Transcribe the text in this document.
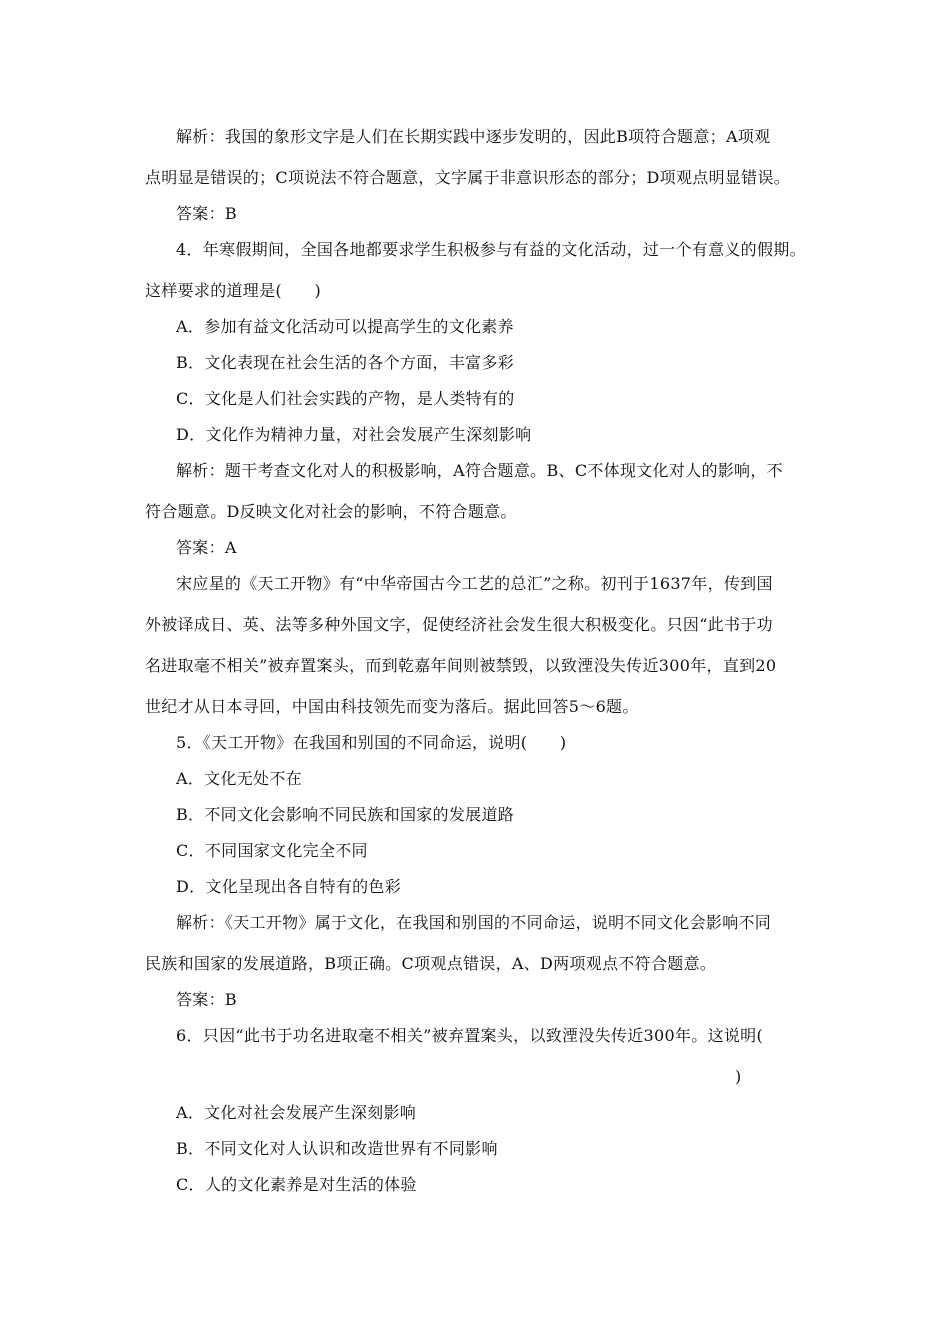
解析：我国的象形文字是人们在长期实践中逐步发明的，因此B项符合题意；A项观
点明显是错误的；C项说法不符合题意，文字属于非意识形态的部分；D项观点明显错误。
答案：B
4．年寒假期间，全国各地都要求学生积极参与有益的文化活动，过一个有意义的假期。
这样要求的道理是(　　)
A．参加有益文化活动可以提高学生的文化素养
B．文化表现在社会生活的各个方面，丰富多彩
C．文化是人们社会实践的产物，是人类特有的
D．文化作为精神力量，对社会发展产生深刻影响
解析：题干考查文化对人的积极影响，A符合题意。B、C不体现文化对人的影响，不
符合题意。D反映文化对社会的影响，不符合题意。
答案：A
宋应星的《天工开物》有“中华帝国古今工艺的总汇”之称。初刊于1637年，传到国
外被译成日、英、法等多种外国文字，促使经济社会发生很大积极变化。只因“此书于功
名进取毫不相关”被弃置案头，而到乾嘉年间则被禁毁，以致湮没失传近300年，直到20
世纪才从日本寻回，中国由科技领先而变为落后。据此回答5～6题。
5．《天工开物》在我国和别国的不同命运，说明(　　)
A．文化无处不在
B．不同文化会影响不同民族和国家的发展道路
C．不同国家文化完全不同
D．文化呈现出各自特有的色彩
解析：《天工开物》属于文化，在我国和别国的不同命运，说明不同文化会影响不同
民族和国家的发展道路，B项正确。C项观点错误，A、D两项观点不符合题意。
答案：B
6．只因“此书于功名进取毫不相关”被弃置案头，以致湮没失传近300年。这说明(
)
A．文化对社会发展产生深刻影响
B．不同文化对人认识和改造世界有不同影响
C．人的文化素养是对生活的体验
